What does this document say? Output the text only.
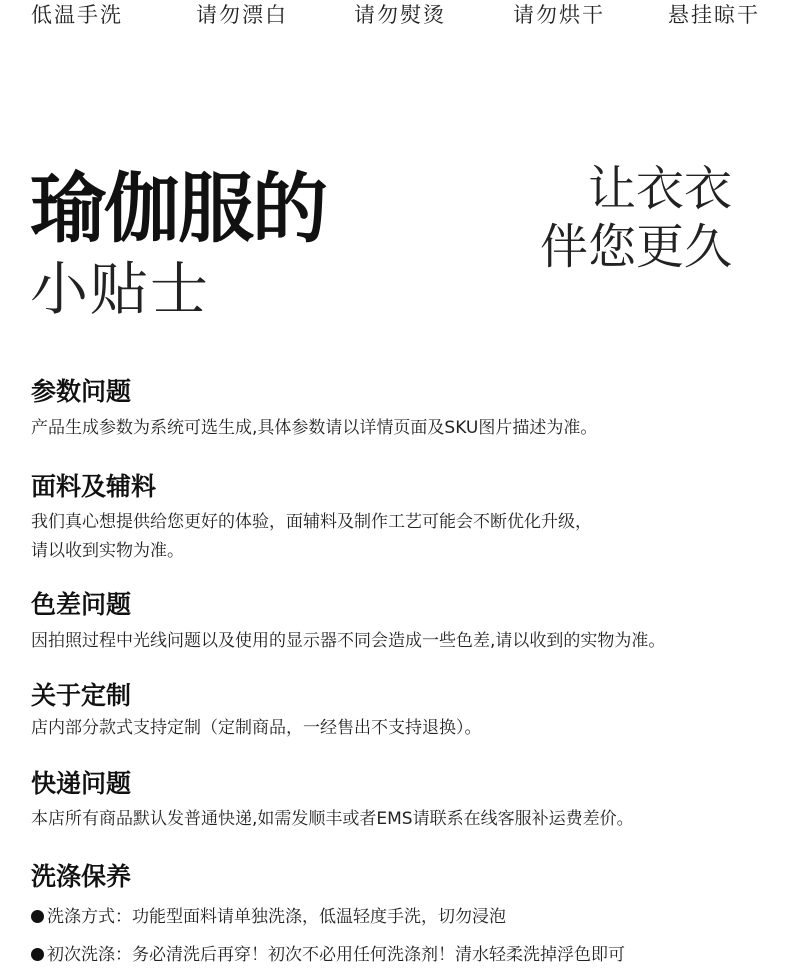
低温手洗	请勿漂白	请勿熨烫	请勿烘干	悬挂晾干
瑜伽服的
小贴士
让衣衣
伴您更久
参数问题
产品生成参数为系统可选生成,具体参数请以详情页面及SKU图片描述为准。
面料及辅料
我们真心想提供给您更好的体验，面辅料及制作工艺可能会不断优化升级，
请以收到实物为准。
色差问题
因拍照过程中光线问题以及使用的显示器不同会造成一些色差,请以收到的实物为准。
关于定制
店内部分款式支持定制（定制商品，一经售出不支持退换）。
快递问题
本店所有商品默认发普通快递,如需发顺丰或者EMS请联系在线客服补运费差价。
洗涤保养
洗涤方式：功能型面料请单独洗涤，低温轻度手洗，切勿浸泡
初次洗涤：务必清洗后再穿！初次不必用任何洗涤剂！清水轻柔洗掉浮色即可
